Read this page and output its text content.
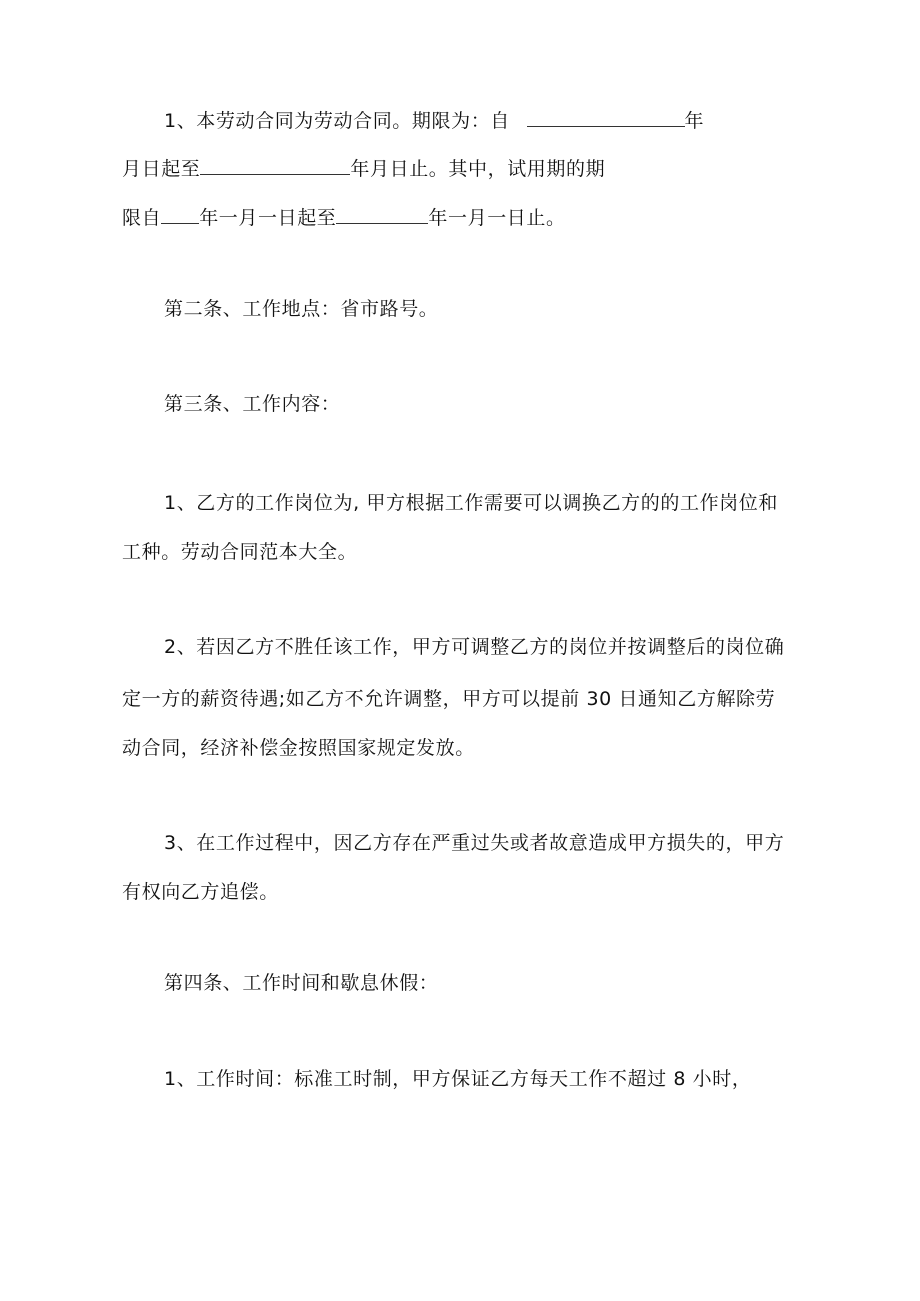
1、本劳动合同为劳动合同。期限为：自	年
月日起至	年月日止。其中，试用期的期
限自 年一月一日起至	年一月一日止。
第二条、工作地点：省市路号。
第三条、工作内容：
1、乙方的工作岗位为, 甲方根据工作需要可以调换乙方的的工作岗位和
工种。劳动合同范本大全。
2、若因乙方不胜任该工作，甲方可调整乙方的岗位并按调整后的岗位确
定一方的薪资待遇;如乙方不允许调整，甲方可以提前 30 日通知乙方解除劳
动合同，经济补偿金按照国家规定发放。
3、在工作过程中，因乙方存在严重过失或者故意造成甲方损失的，甲方
有权向乙方追偿。
第四条、工作时间和歇息休假：
1、工作时间：标准工时制，甲方保证乙方每天工作不超过 8 小时，
